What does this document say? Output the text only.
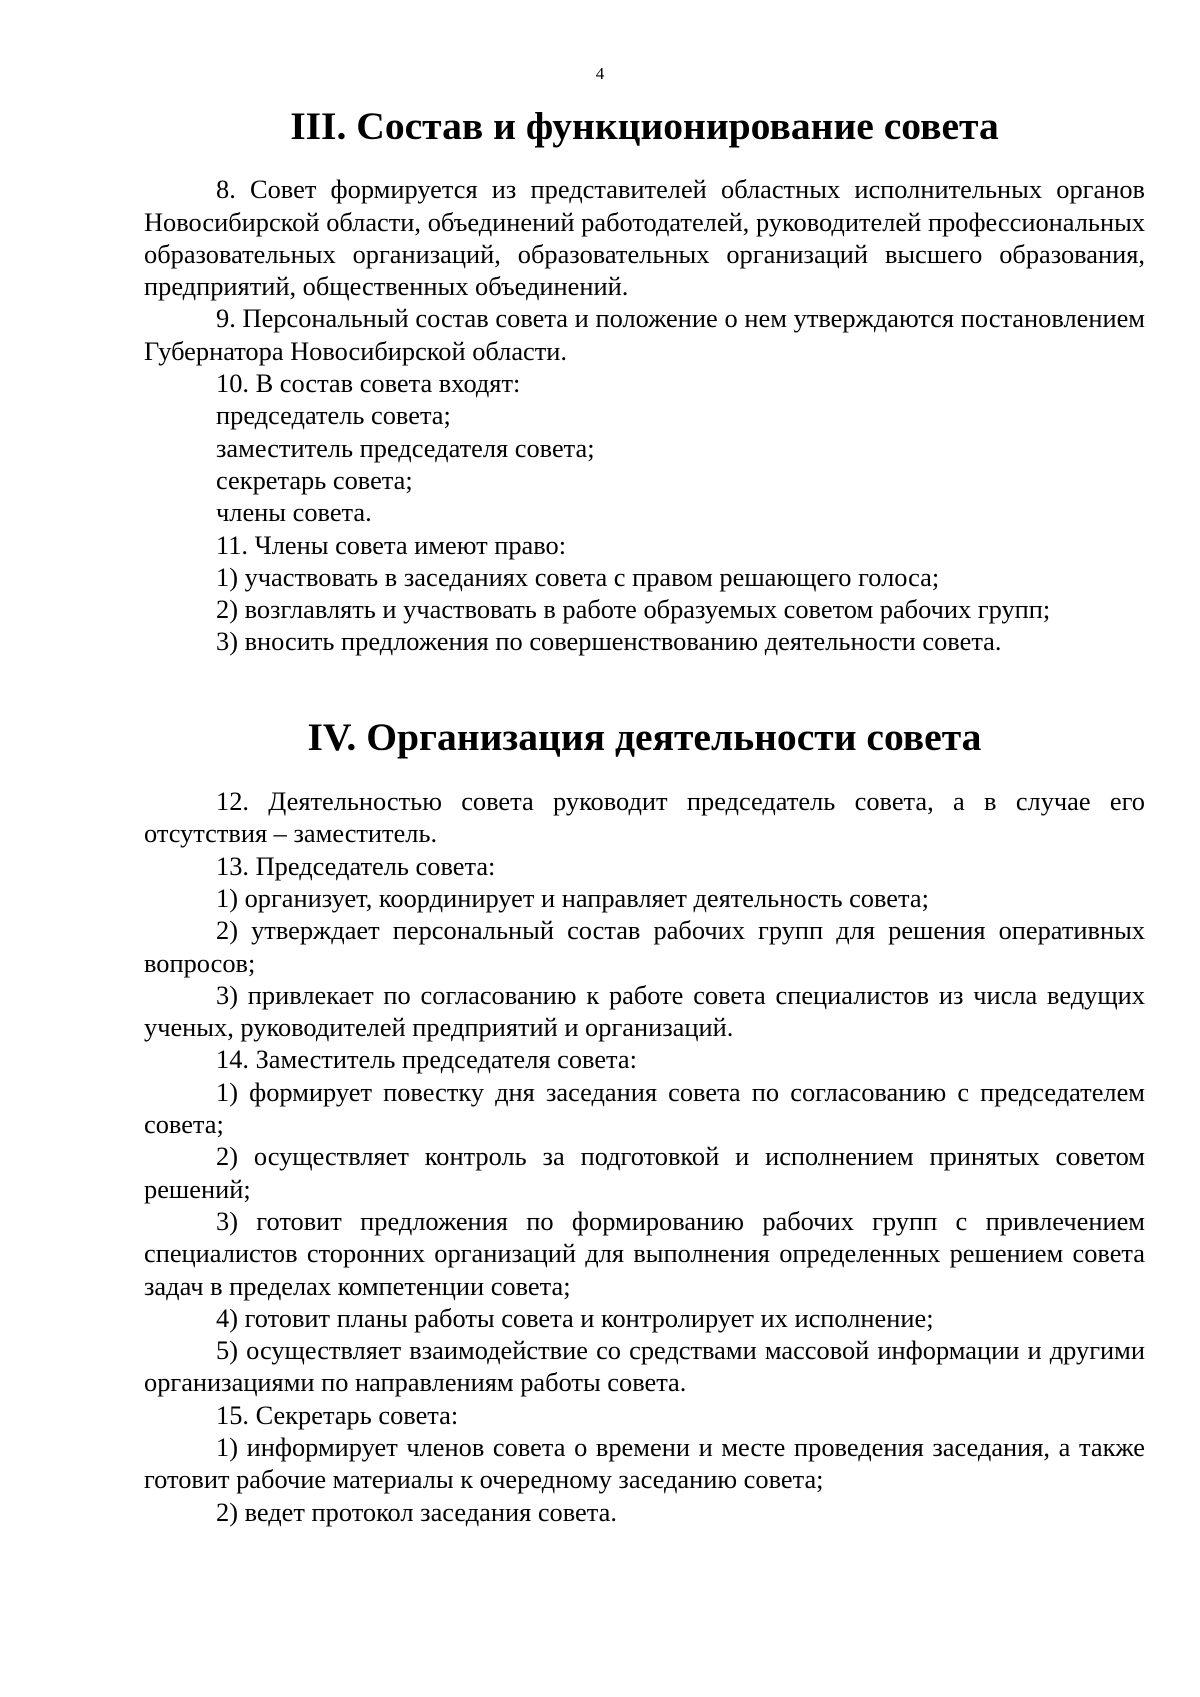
4
III. Состав и функционирование совета

8. Совет формируется из представителей областных исполнительных органов Новосибирской области, объединений работодателей, руководителей профессиональных образовательных организаций, образовательных организаций высшего образования, предприятий, общественных объединений.

9. Персональный состав совета и положение о нем утверждаются постановлением Губернатора Новосибирской области.

10. В состав совета входят:

председатель совета;

заместитель председателя совета;

секретарь совета;

члены совета.

11. Члены совета имеют право:

1) участвовать в заседаниях совета с правом решающего голоса;

2) возглавлять и участвовать в работе образуемых советом рабочих групп;

3) вносить предложения по совершенствованию деятельности совета.

IV. Организация деятельности совета

12. Деятельностью совета руководит председатель совета, а в случае его отсутствия – заместитель.

13. Председатель совета:

1) организует, координирует и направляет деятельность совета;

2) утверждает персональный состав рабочих групп для решения оперативных вопросов;

3) привлекает по согласованию к работе совета специалистов из числа ведущих ученых, руководителей предприятий и организаций.

14. Заместитель председателя совета:

1) формирует повестку дня заседания совета по согласованию с председателем совета;

2) осуществляет контроль за подготовкой и исполнением принятых советом решений;

3) готовит предложения по формированию рабочих групп с привлечением специалистов сторонних организаций для выполнения определенных решением совета задач в пределах компетенции совета;

4) готовит планы работы совета и контролирует их исполнение;

5) осуществляет взаимодействие со средствами массовой информации и другими организациями по направлениям работы совета.

15. Секретарь совета:

1) информирует членов совета о времени и месте проведения заседания, а также готовит рабочие материалы к очередному заседанию совета;

2) ведет протокол заседания совета.
